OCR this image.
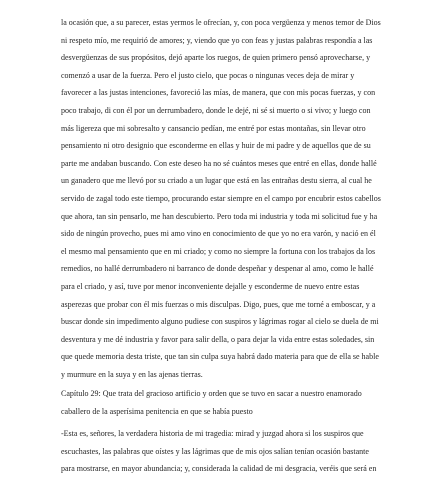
la ocasión que, a su parecer, estas yermos le ofrecían, y, con poca vergüenza y menos temor de Dios ni respeto mío, me requirió de amores; y, viendo que yo con feas y justas palabras respondía a las desvergüenzas de sus propósitos, dejó aparte los ruegos, de quien primero pensó aprovecharse, y comenzó a usar de la fuerza. Pero el justo cielo, que pocas o ningunas veces deja de mirar y favorecer a las justas intenciones, favoreció las mías, de manera, que con mis pocas fuerzas, y con poco trabajo, di con él por un derrumbadero, donde le dejé, ni sé si muerto o si vivo; y luego con más ligereza que mi sobresalto y cansancio pedían, me entré por estas montañas, sin llevar otro pensamiento ni otro designio que esconderme en ellas y huir de mi padre y de aquellos que de su parte me andaban buscando. Con este deseo ha no sé cuántos meses que entré en ellas, donde hallé un ganadero que me llevó por su criado a un lugar que está en las entrañas destu sierra, al cual he servido de zagal todo este tiempo, procurando estar siempre en el campo por encubrir estos cabellos que ahora, tan sin pensarlo, me han descubierto. Pero toda mi industria y toda mi solicitud fue y ha sido de ningún provecho, pues mi amo vino en conocimiento de que yo no era varón, y nació en él el mesmo mal pensamiento que en mi criado; y como no siempre la fortuna con los trabajos da los remedios, no hallé derrumbadero ni barranco de donde despeñar y despenar al amo, como le hallé para el criado, y así, tuve por menor inconveniente dejalle y esconderme de nuevo entre estas asperezas que probar con él mis fuerzas o mis disculpas. Digo, pues, que me torné a emboscar, y a buscar donde sin impedimento alguno pudiese con suspiros y lágrimas rogar al cielo se duela de mi desventura y me dé industria y favor para salir della, o para dejar la vida entre estas soledades, sin que quede memoria desta triste, que tan sin culpa suya habrá dado materia para que de ella se hable y murmure en la suya y en las ajenas tierras.

Capítulo 29: Que trata del gracioso artificio y orden que se tuvo en sacar a nuestro enamorado caballero de la asperísima penitencia en que se había puesto

-Esta es, señores, la verdadera historia de mi tragedia: mirad y juzgad ahora si los suspiros que escuchastes, las palabras que oístes y las lágrimas que de mis ojos salían tenían ocasión bastante para mostrarse, en mayor abundancia; y, considerada la calidad de mi desgracia, veréis que será en
